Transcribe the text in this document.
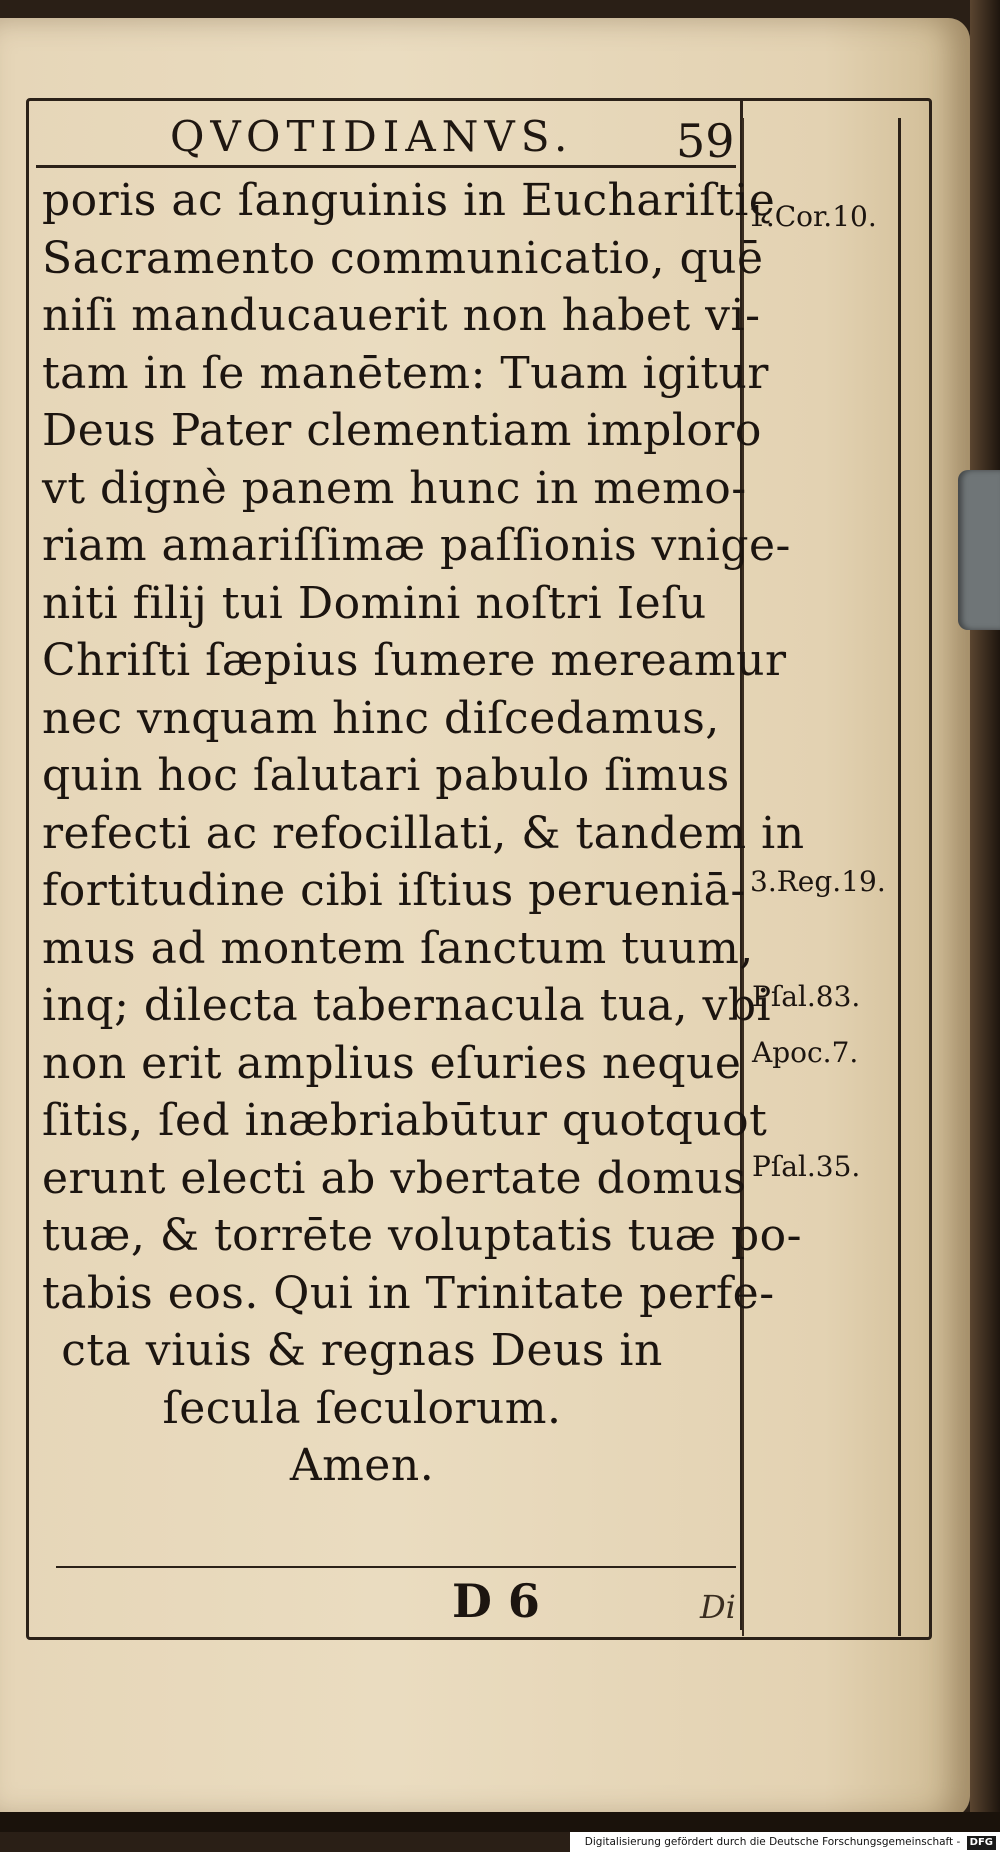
QVOTIDIANVS. 59
poris ac ſanguinis in Euchariſtię
Sacramento communicatio, quē
niſi manducauerit non habet vi-
tam in ſe manētem: Tuam igitur
Deus Pater clementiam imploro
vt dignè panem hunc in memo-
riam amariſſimæ paſſionis vnige-
niti filij tui Domini noſtri Ieſu
Chriſti ſæpius ſumere mereamur
nec vnquam hinc diſcedamus,
quin hoc ſalutari pabulo ſimus
refecti ac refocillati, & tandem in
fortitudine cibi iſtius perueniā-
mus ad montem ſanctum tuum,
inq; dilecta tabernacula tua, vbi
non erit amplius eſuries neque
ſitis, ſed inæbriabūtur quotquot
erunt electi ab vbertate domus
tuæ, & torrēte voluptatis tuæ po-
tabis eos. Qui in Trinitate perfe-
cta viuis & regnas Deus in
ſecula ſeculorum.
Amen.
1.Cor.10.
3.Reg.19.
Pſal.83.
Apoc.7.
Pſal.35.
D 6	Di
Digitalisierung gefördert durch die Deutsche Forschungsgemeinschaft - DFG
